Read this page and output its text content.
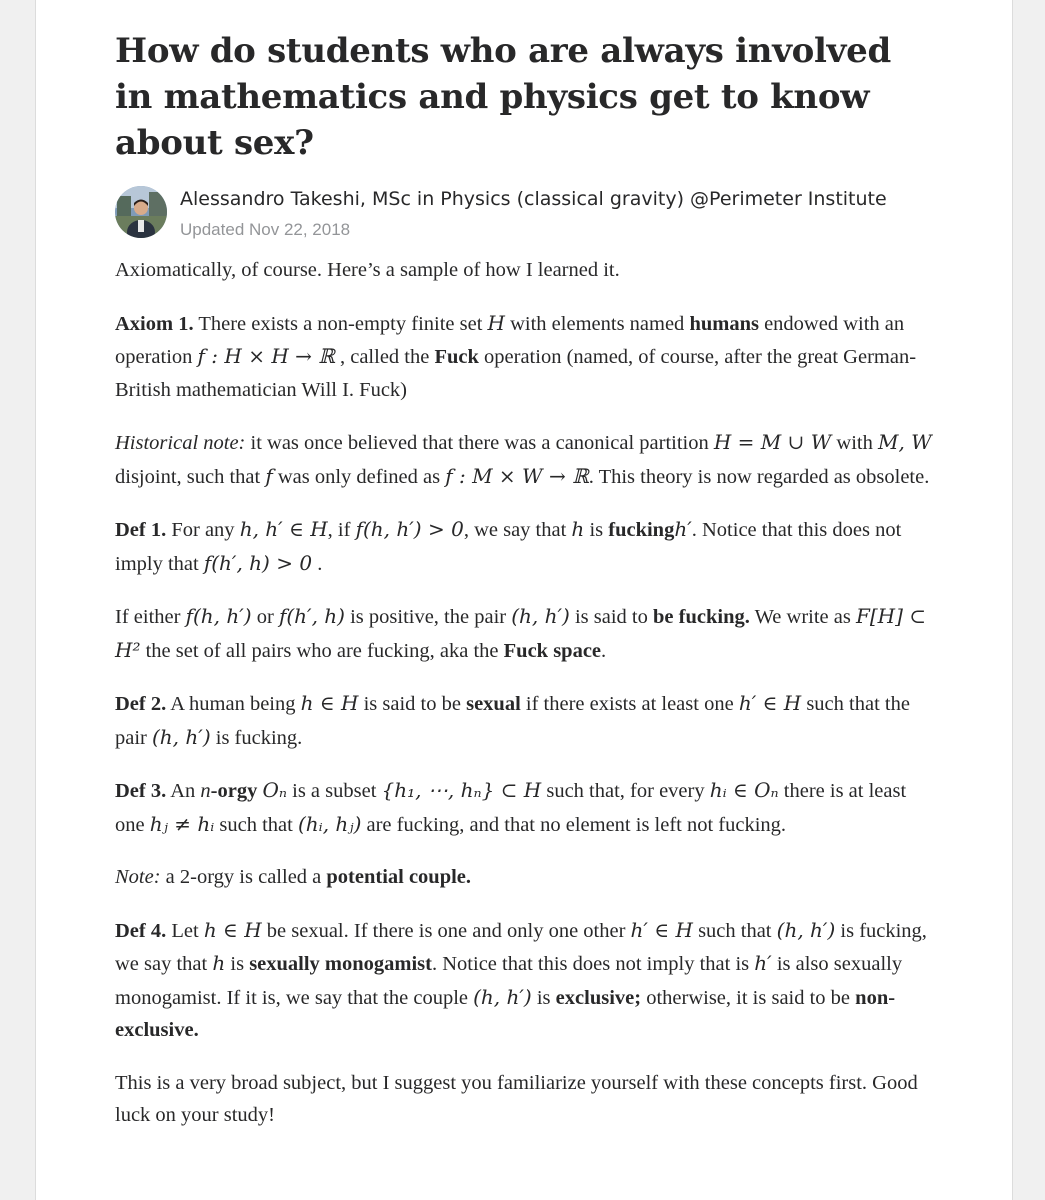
How do students who are always involved in mathematics and physics get to know about sex?
Alessandro Takeshi, MSc in Physics (classical gravity) @Perimeter Institute
Updated Nov 22, 2018

Axiomatically, of course. Here’s a sample of how I learned it.

Axiom 1. There exists a non-empty finite set H with elements named humans endowed with an operation f : H × H → ℝ , called the Fuck operation (named, of course, after the great German-British mathematician Will I. Fuck)

Historical note: it was once believed that there was a canonical partition H = M ∪ W with M, W disjoint, such that f was only defined as f : M × W → ℝ. This theory is now regarded as obsolete.

Def 1. For any h, h′ ∈ H, if f(h, h′) > 0, we say that h is fuckingh′. Notice that this does not imply that f(h′, h) > 0 .

If either f(h, h′) or f(h′, h) is positive, the pair (h, h′) is said to be fucking. We write as F[H] ⊂ H² the set of all pairs who are fucking, aka the Fuck space.

Def 2. A human being h ∈ H is said to be sexual if there exists at least one h′ ∈ H such that the pair (h, h′) is fucking.

Def 3. An n-orgy Oₙ is a subset {h₁, ⋯, hₙ} ⊂ H such that, for every hᵢ ∈ Oₙ there is at least one hⱼ ≠ hᵢ such that (hᵢ, hⱼ) are fucking, and that no element is left not fucking.

Note: a 2-orgy is called a potential couple.

Def 4. Let h ∈ H be sexual. If there is one and only one other h′ ∈ H such that (h, h′) is fucking, we say that h is sexually monogamist. Notice that this does not imply that is h′ is also sexually monogamist. If it is, we say that the couple (h, h′) is exclusive; otherwise, it is said to be non-exclusive.

This is a very broad subject, but I suggest you familiarize yourself with these concepts first. Good luck on your study!
